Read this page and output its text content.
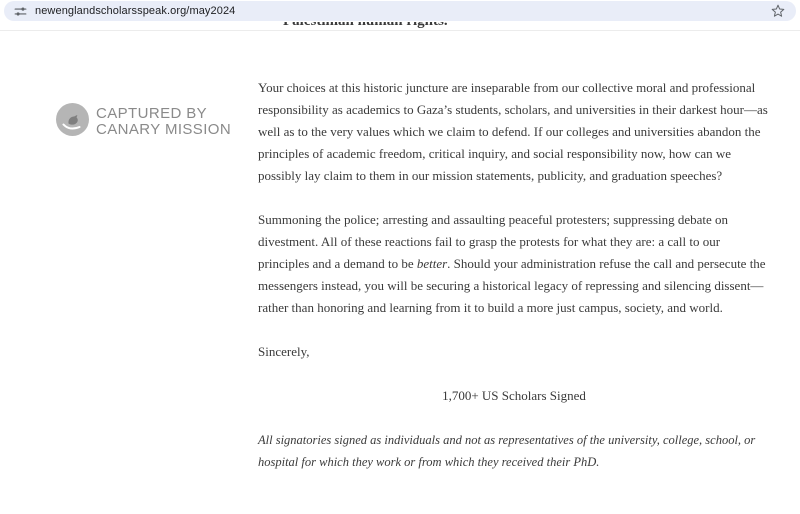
newenglandscholarsspeak.org/may2024
CAPTURED BY
CANARY MISSION

Your choices at this historic juncture are inseparable from our collective moral and professional responsibility as academics to Gaza’s students, scholars, and universities in their darkest hour—as well as to the very values which we claim to defend. If our colleges and universities abandon the principles of academic freedom, critical inquiry, and social responsibility now, how can we possibly lay claim to them in our mission statements, publicity, and graduation speeches?

Summoning the police; arresting and assaulting peaceful protesters; suppressing debate on divestment. All of these reactions fail to grasp the protests for what they are: a call to our principles and a demand to be better. Should your administration refuse the call and persecute the messengers instead, you will be securing a historical legacy of repressing and silencing dissent—rather than honoring and learning from it to build a more just campus, society, and world.

Sincerely,

1,700+ US Scholars Signed

All signatories signed as individuals and not as representatives of the university, college, school, or hospital for which they work or from which they received their PhD.
